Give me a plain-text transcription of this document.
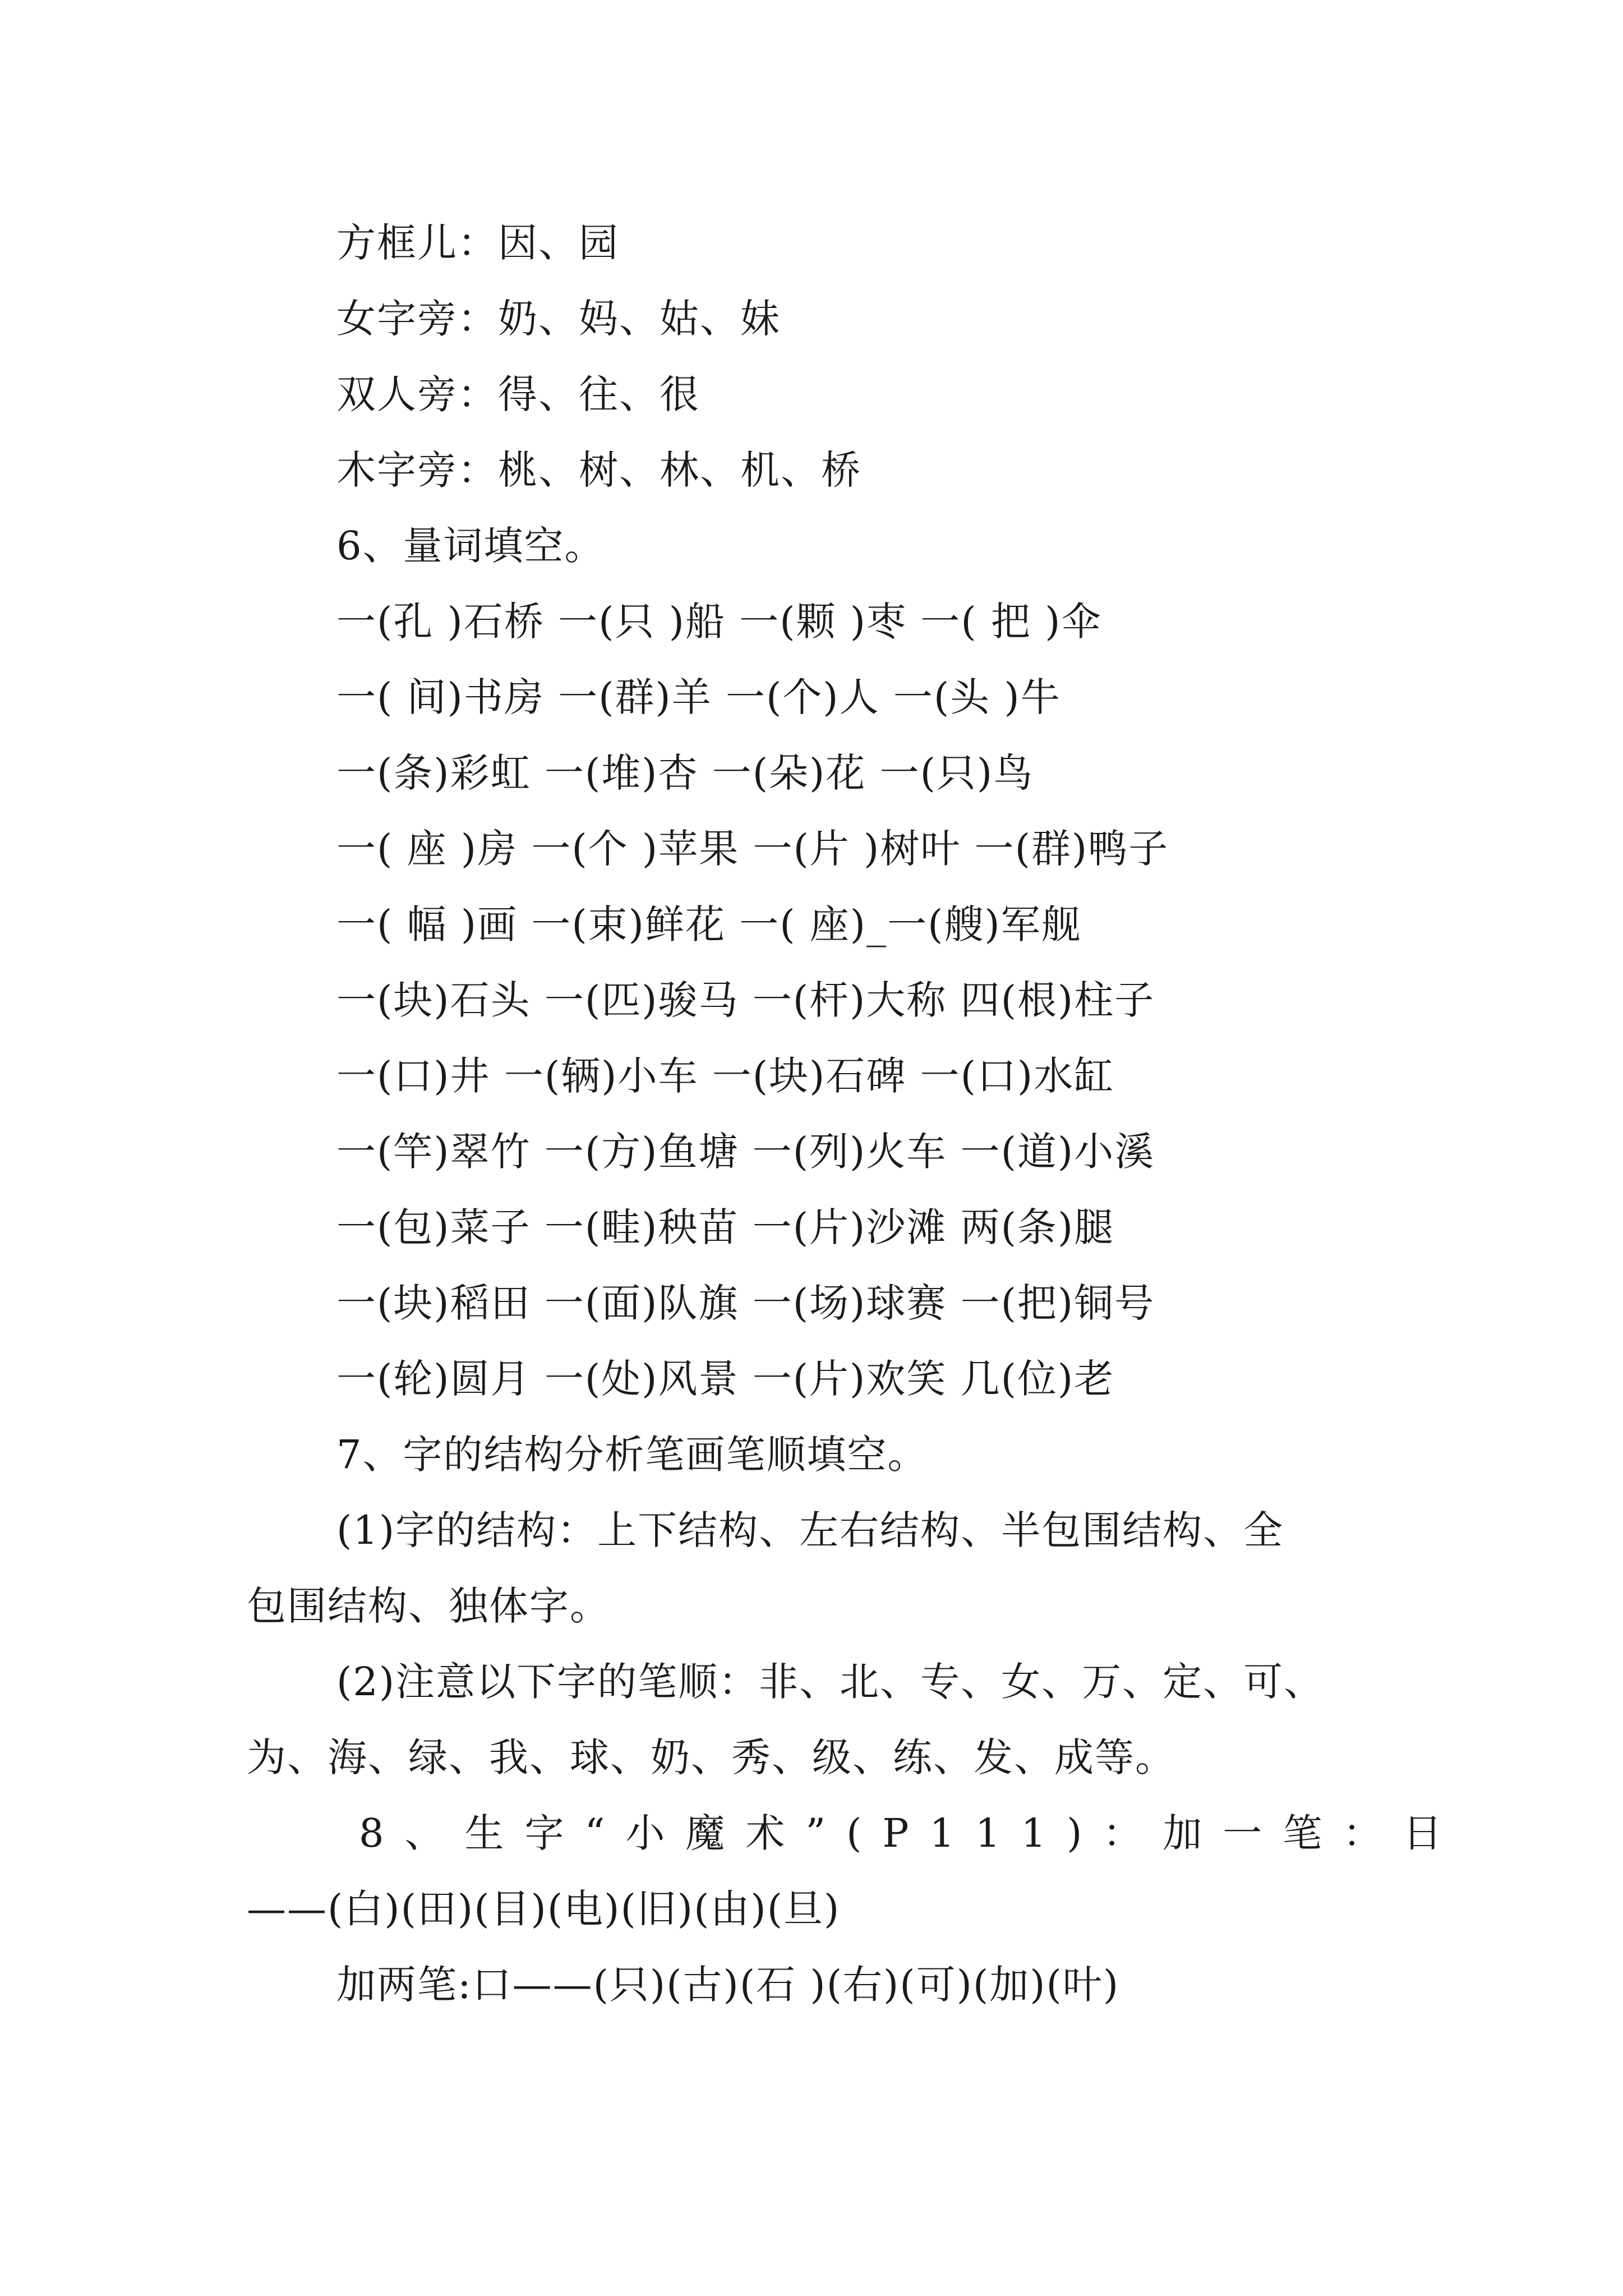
方框儿：因、园
女字旁：奶、妈、姑、妹
双人旁：得、往、很
木字旁：桃、树、林、机、桥
6、量词填空。
一(孔 )石桥 一(只 )船 一(颗 )枣 一( 把 )伞
一( 间)书房 一(群)羊 一(个)人 一(头 )牛
一(条)彩虹 一(堆)杏 一(朵)花 一(只)鸟
一( 座 )房 一(个 )苹果 一(片 )树叶 一(群)鸭子
一( 幅 )画 一(束)鲜花 一( 座)_一(艘)军舰
一(块)石头 一(匹)骏马 一(杆)大称 四(根)柱子
一(口)井 一(辆)小车 一(块)石碑 一(口)水缸
一(竿)翠竹 一(方)鱼塘 一(列)火车 一(道)小溪
一(包)菜子 一(畦)秧苗 一(片)沙滩 两(条)腿
一(块)稻田 一(面)队旗 一(场)球赛 一(把)铜号
一(轮)圆月 一(处)风景 一(片)欢笑 几(位)老
7、字的结构分析笔画笔顺填空。
(1)字的结构：上下结构、左右结构、半包围结构、全
包围结构、独体字。
(2)注意以下字的笔顺：非、北、专、女、万、定、可、
为、海、绿、我、球、奶、秀、级、练、发、成等。
8、生字“小魔术”(P111)：加一笔：日
——(白)(田)(目)(电)(旧)(由)(旦)
加两笔:口——(只)(古)(石 )(右)(可)(加)(叶)
